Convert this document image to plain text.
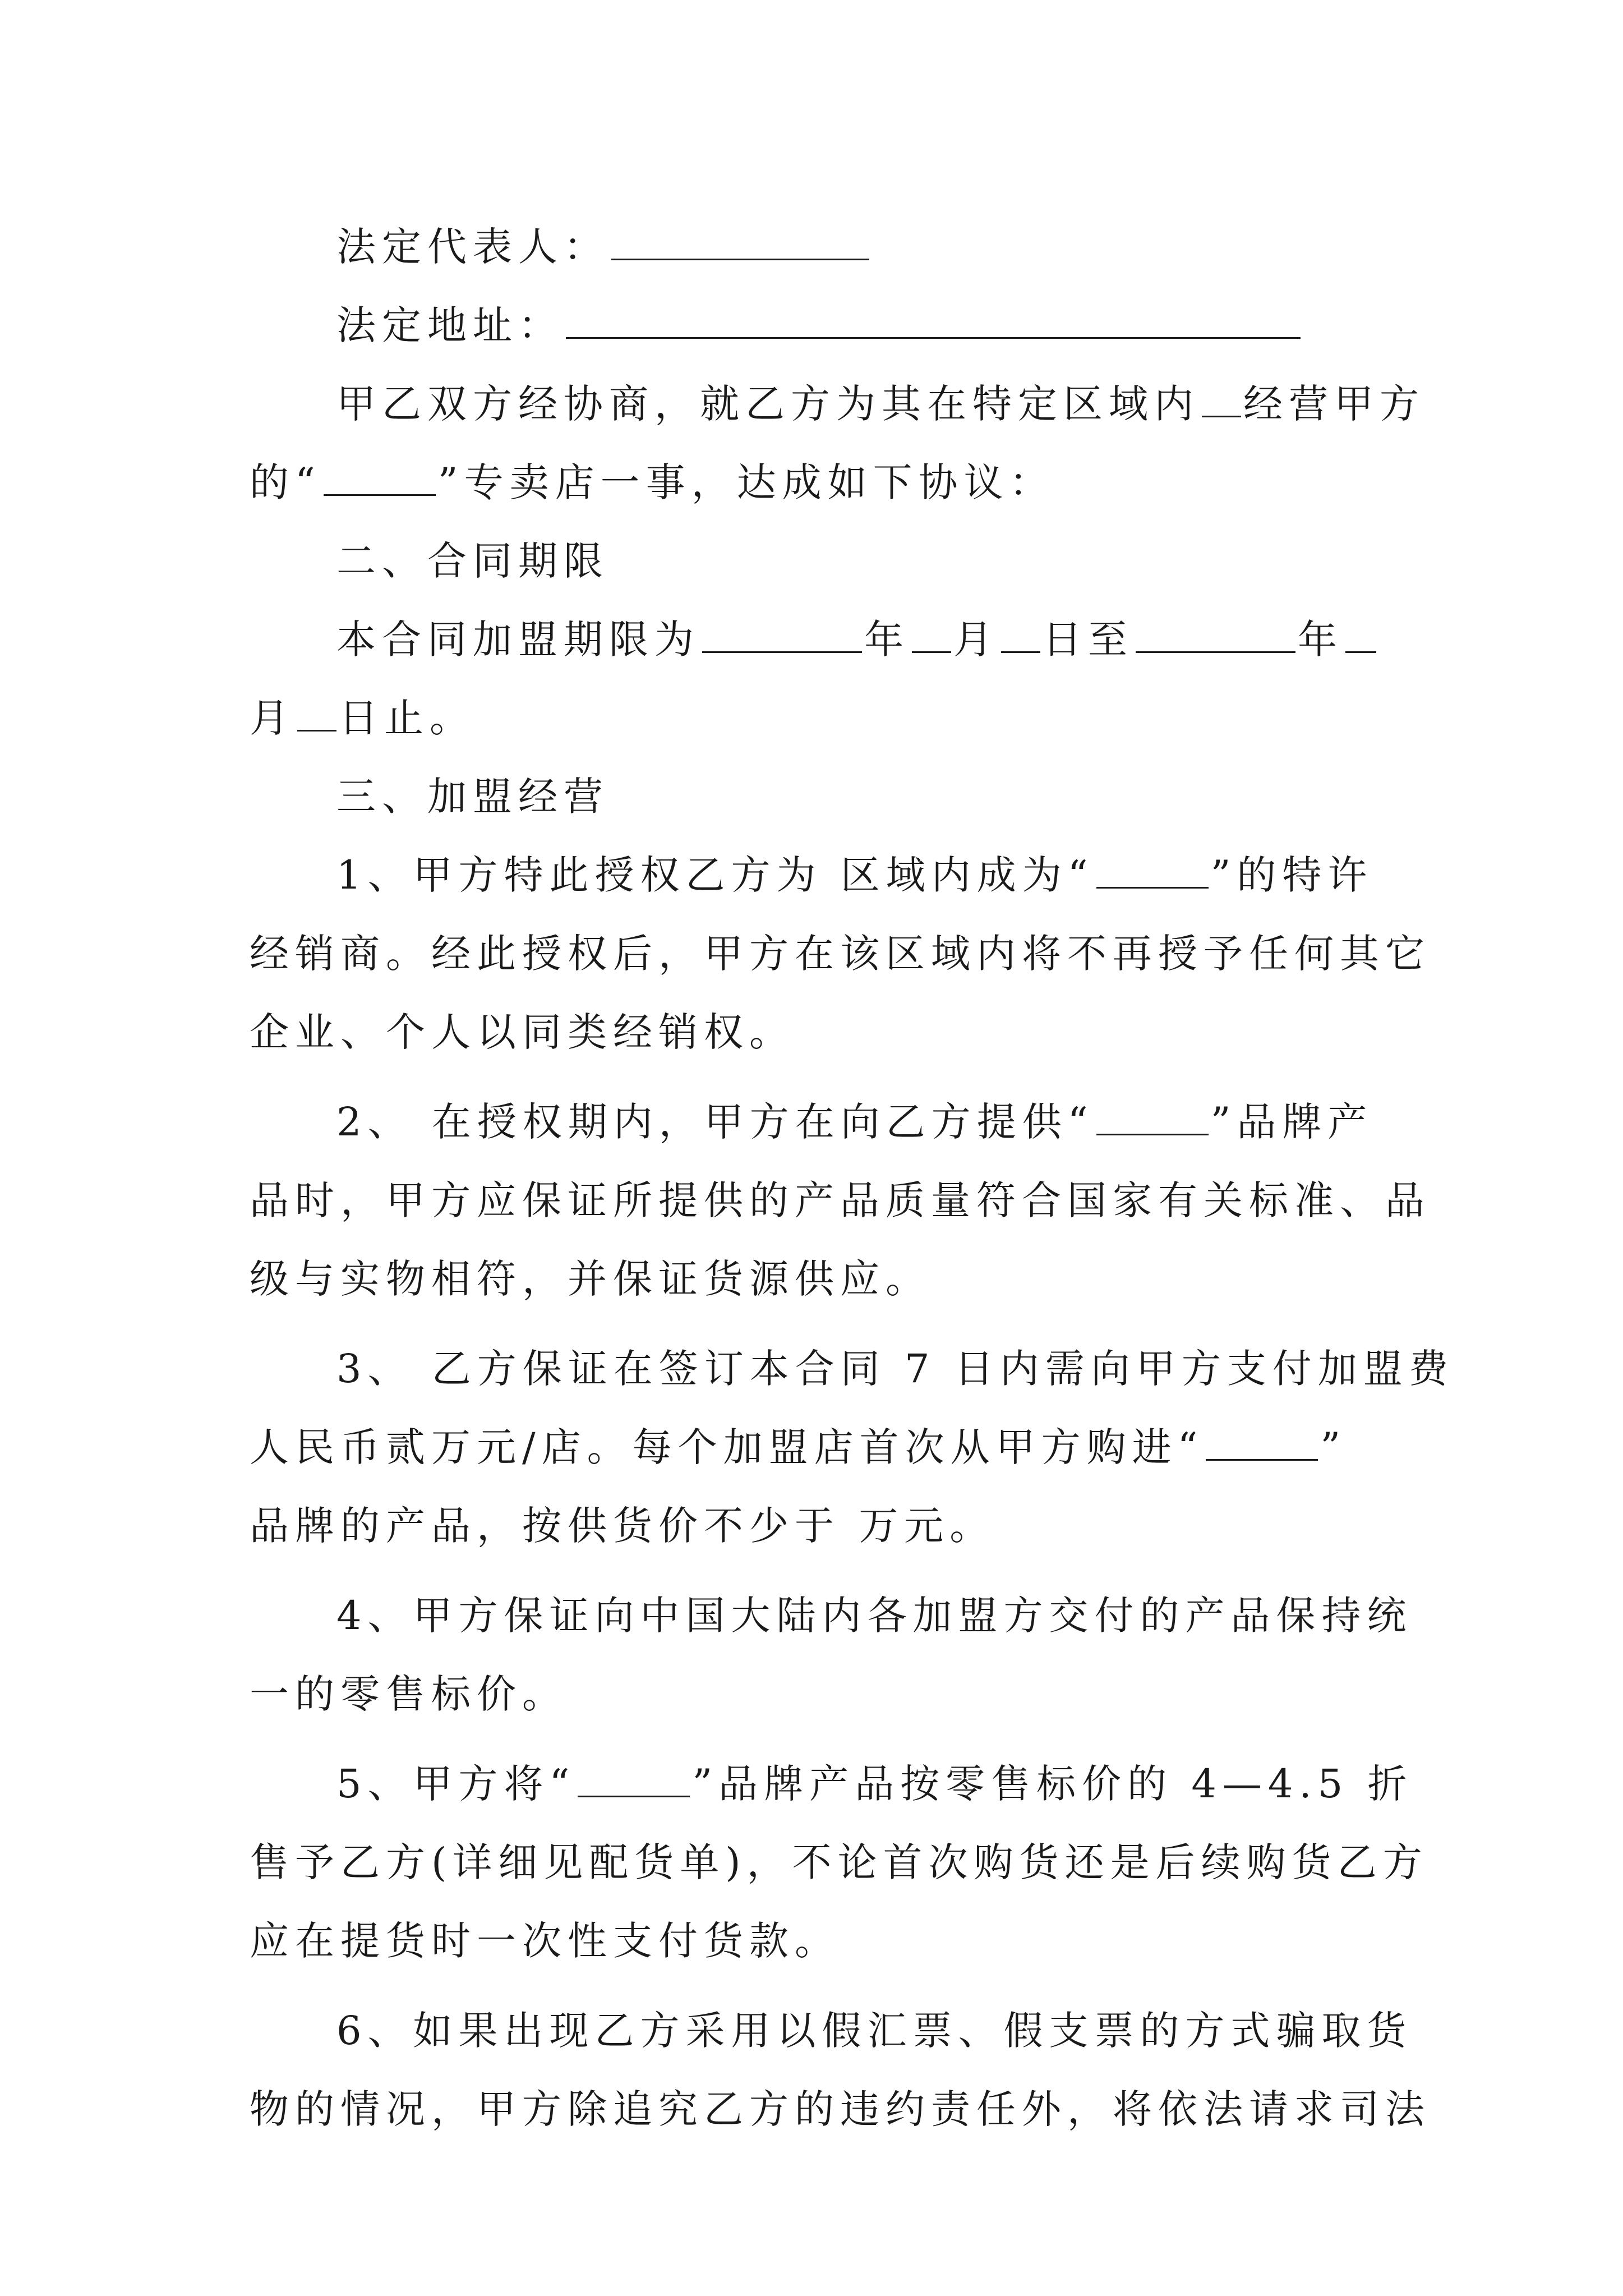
法定代表人：
法定地址：
甲乙双方经协商，就乙方为其在特定区域内 经营甲方
的“	”专卖店一事，达成如下协议：
二、合同期限
本合同加盟期限为	年 月 日至	年
月 日止。
三、加盟经营
1、甲方特此授权乙方为 区域内成为“	”的特许
经销商。经此授权后，甲方在该区域内将不再授予任何其它
企业、个人以同类经销权。
2、 在授权期内，甲方在向乙方提供“	”品牌产
品时，甲方应保证所提供的产品质量符合国家有关标准、品
级与实物相符，并保证货源供应。
3、 乙方保证在签订本合同 7 日内需向甲方支付加盟费
人民币贰万元/店。每个加盟店首次从甲方购进“	”
品牌的产品，按供货价不少于 万元。
4、甲方保证向中国大陆内各加盟方交付的产品保持统
一的零售标价。
5、甲方将“	”品牌产品按零售标价的 4—4.5 折
售予乙方(详细见配货单)，不论首次购货还是后续购货乙方
应在提货时一次性支付货款。
6、如果出现乙方采用以假汇票、假支票的方式骗取货
物的情况，甲方除追究乙方的违约责任外，将依法请求司法
